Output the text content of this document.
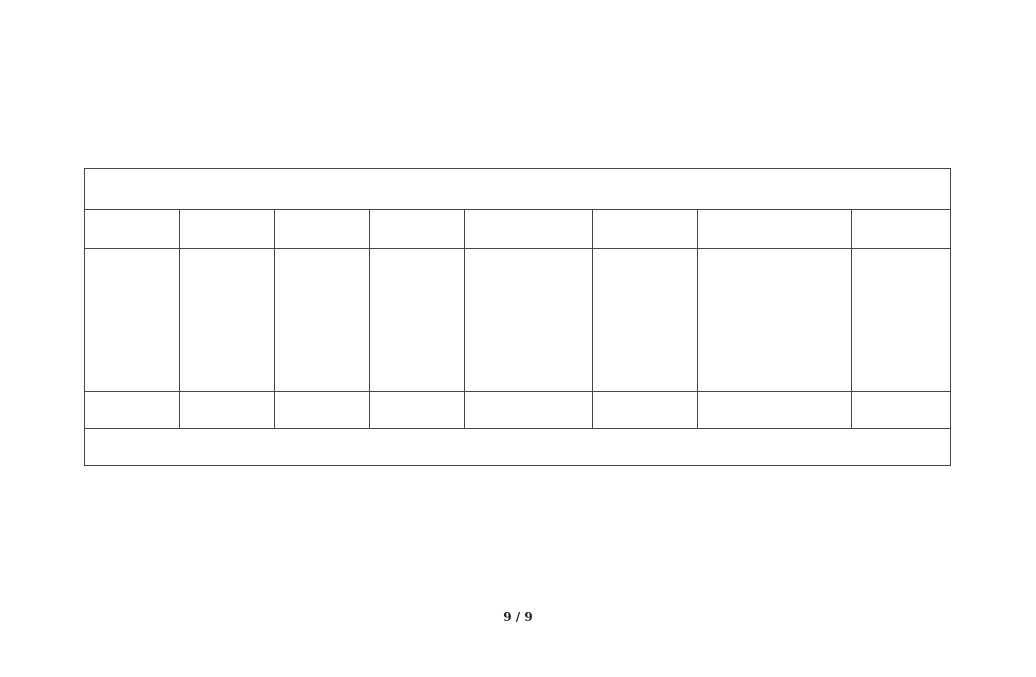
9 / 9
